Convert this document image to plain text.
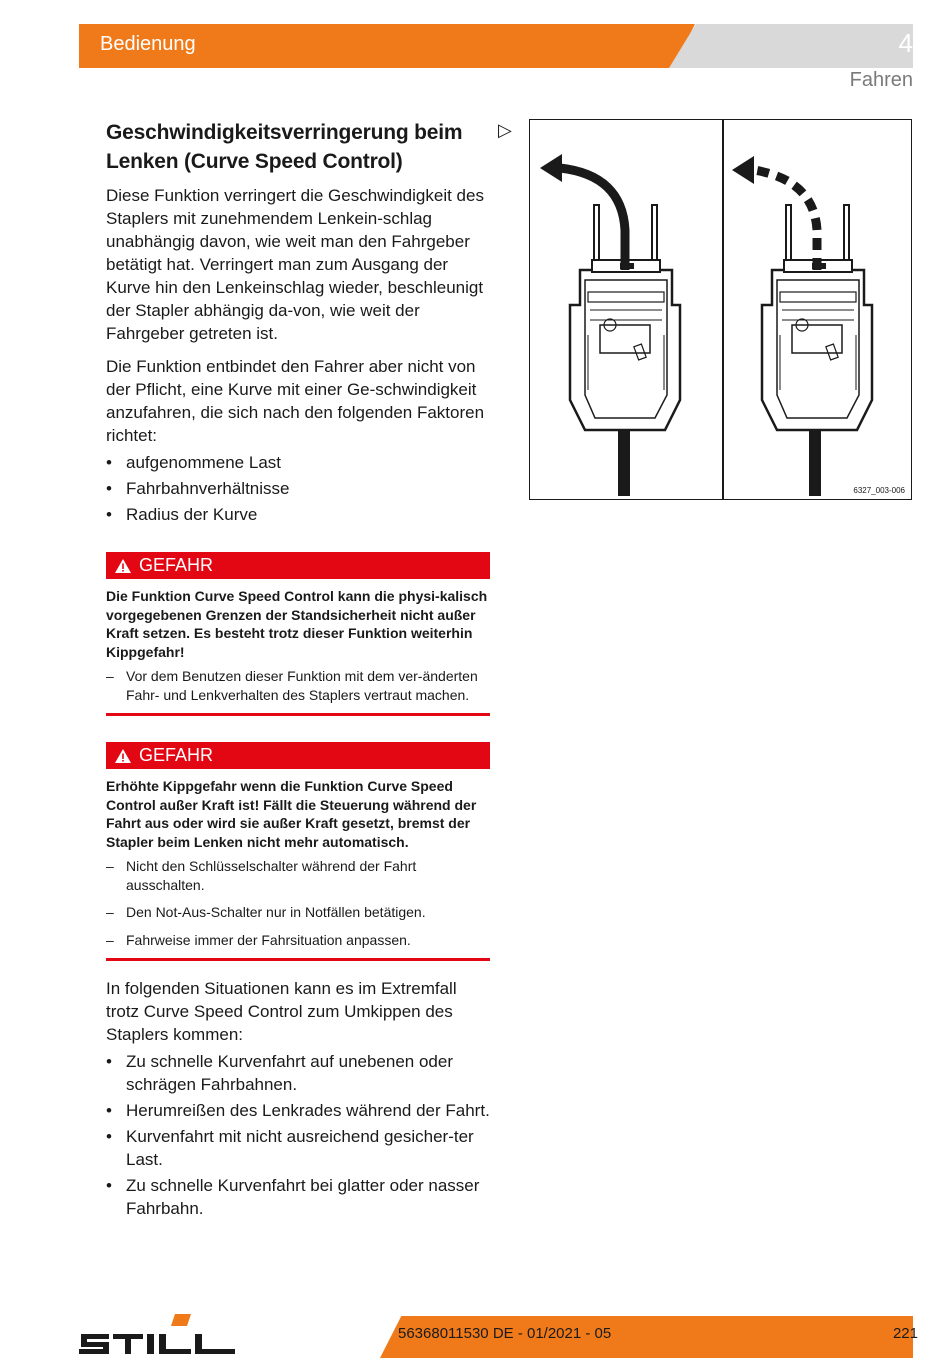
Bedienung	4
Fahren
Geschwindigkeitsverringerung beim Lenken (Curve Speed Control)

Diese Funktion verringert die Geschwindigkeit des Staplers mit zunehmendem Lenkein-schlag unabhängig davon, wie weit man den Fahrgeber betätigt hat. Verringert man zum Ausgang der Kurve hin den Lenkeinschlag wieder, beschleunigt der Stapler abhängig da-von, wie weit der Fahrgeber getreten ist.

Die Funktion entbindet den Fahrer aber nicht von der Pflicht, eine Kurve mit einer Ge-schwindigkeit anzufahren, die sich nach den folgenden Faktoren richtet:

• aufgenommene Last
• Fahrbahnverhältnisse
• Radius der Kurve
GEFAHR
Die Funktion Curve Speed Control kann die physi-kalisch vorgegebenen Grenzen der Standsicherheit nicht außer Kraft setzen. Es besteht trotz dieser Funktion weiterhin Kippgefahr!
– Vor dem Benutzen dieser Funktion mit dem ver-änderten Fahr- und Lenkverhalten des Staplers vertraut machen.
GEFAHR
Erhöhte Kippgefahr wenn die Funktion Curve Speed Control außer Kraft ist! Fällt die Steuerung während der Fahrt aus oder wird sie außer Kraft gesetzt, bremst der Stapler beim Lenken nicht mehr automatisch.
– Nicht den Schlüsselschalter während der Fahrt ausschalten.
– Den Not-Aus-Schalter nur in Notfällen betätigen.
– Fahrweise immer der Fahrsituation anpassen.

In folgenden Situationen kann es im Extremfall trotz Curve Speed Control zum Umkippen des Staplers kommen:

• Zu schnelle Kurvenfahrt auf unebenen oder schrägen Fahrbahnen.
• Herumreißen des Lenkrades während der Fahrt.
• Kurvenfahrt mit nicht ausreichend gesicher-ter Last.
• Zu schnelle Kurvenfahrt bei glatter oder nasser Fahrbahn.
▷
6327_003-006
56368011530 DE - 01/2021 - 05	221
